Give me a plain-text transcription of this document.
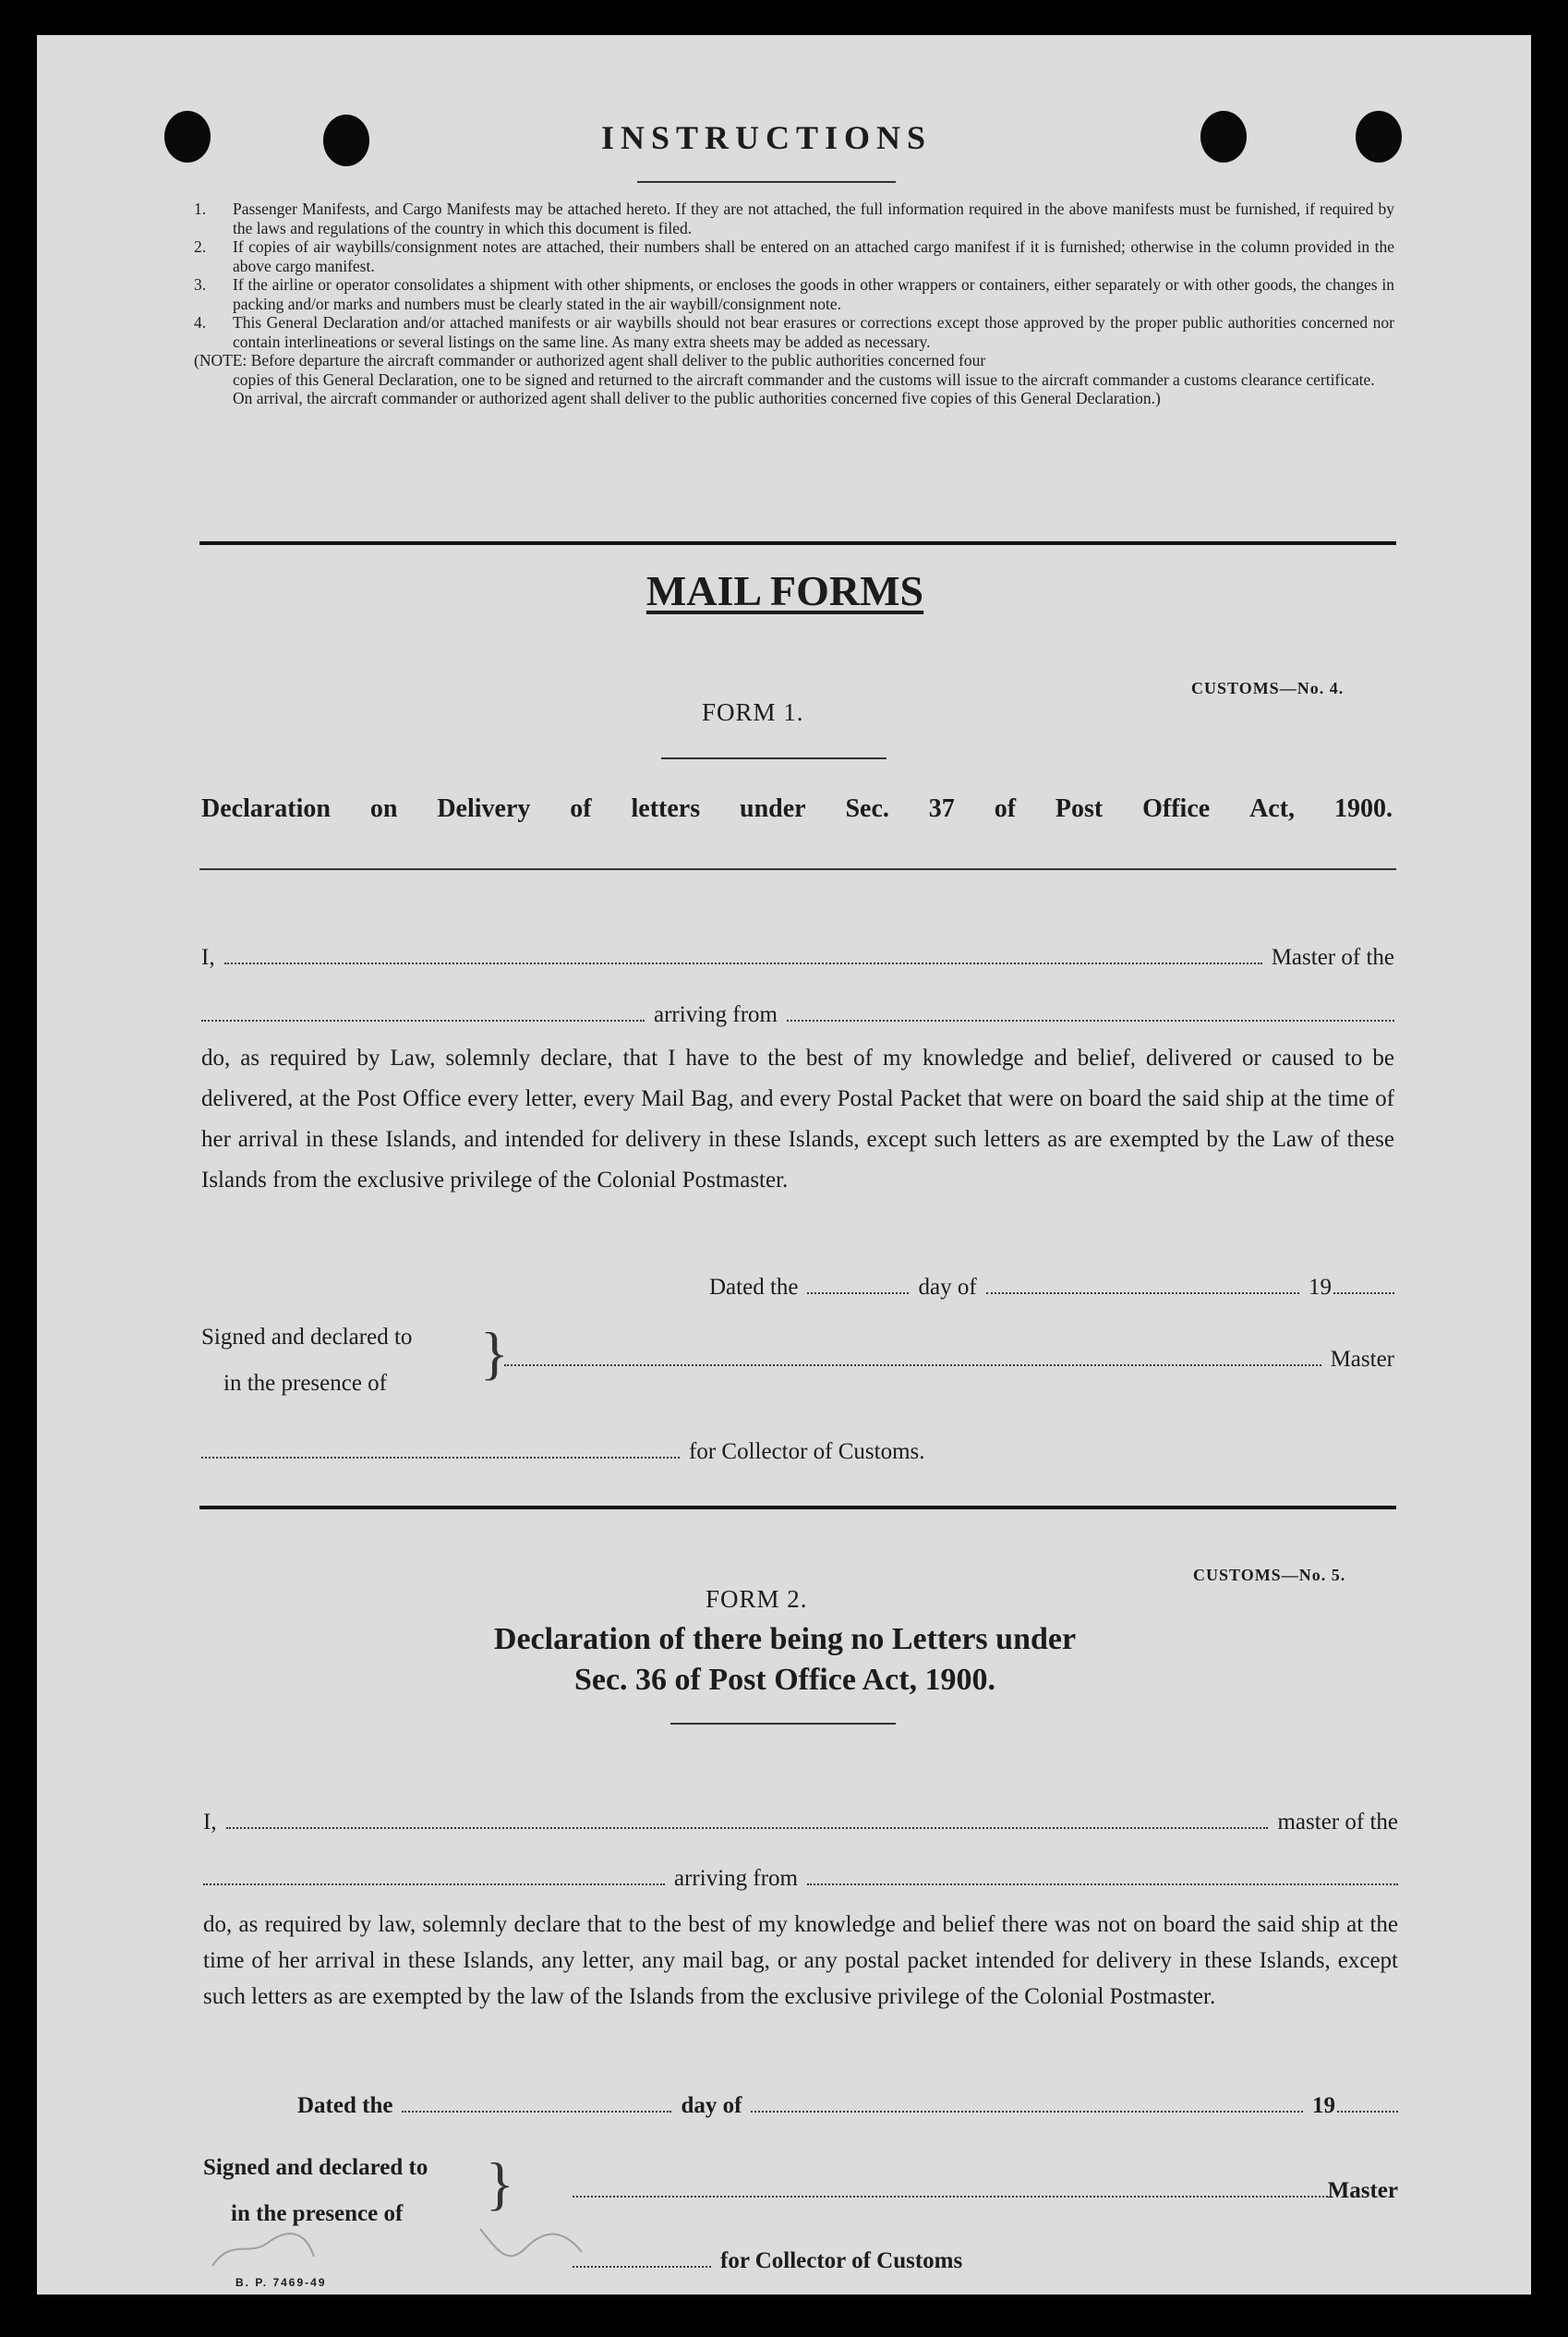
INSTRUCTIONS
1. Passenger Manifests, and Cargo Manifests may be attached hereto. If they are not attached, the full information required in the above manifests must be furnished, if required by the laws and regulations of the country in which this document is filed.
2. If copies of air waybills/consignment notes are attached, their numbers shall be entered on an attached cargo manifest if it is furnished; otherwise in the column provided in the above cargo manifest.
3. If the airline or operator consolidates a shipment with other shipments, or encloses the goods in other wrappers or containers, either separately or with other goods, the changes in packing and/or marks and numbers must be clearly stated in the air waybill/consignment note.
4. This General Declaration and/or attached manifests or air waybills should not bear erasures or corrections except those approved by the proper public authorities concerned nor contain interlineations or several listings on the same line. As many extra sheets may be added as necessary.
(NOTE: Before departure the aircraft commander or authorized agent shall deliver to the public authorities concerned four
copies of this General Declaration, one to be signed and returned to the aircraft commander and the customs will issue to the aircraft commander a customs clearance certificate.
On arrival, the aircraft commander or authorized agent shall deliver to the public authorities concerned five copies of this General Declaration.)
MAIL FORMS
CUSTOMS—No. 4.
FORM 1.
Declaration on Delivery of letters under Sec. 37 of Post Office Act, 1900.
I,	Master of the
arriving from
do, as required by Law, solemnly declare, that I have to the best of my knowledge and belief, delivered or caused to be delivered, at the Post Office every letter, every Mail Bag, and every Postal Packet that were on board the said ship at the time of her arrival in these Islands, and intended for delivery in these Islands, except such letters as are exempted by the Law of these Islands from the exclusive privilege of the Colonial Postmaster.
Dated the	day of	19
Signed and declared to
in the presence of	}	Master
for Collector of Customs.
CUSTOMS—No. 5.
FORM 2.
Declaration of there being no Letters under
Sec. 36 of Post Office Act, 1900.
I,	master of the
arriving from
do, as required by law, solemnly declare that to the best of my knowledge and belief there was not on board the said ship at the time of her arrival in these Islands, any letter, any mail bag, or any postal packet intended for delivery in these Islands, except such letters as are exempted by the law of the Islands from the exclusive privilege of the Colonial Postmaster.
Dated the	day of	19
Signed and declared to
in the presence of	}	Master
for Collector of Customs
B. P. 7469-49
